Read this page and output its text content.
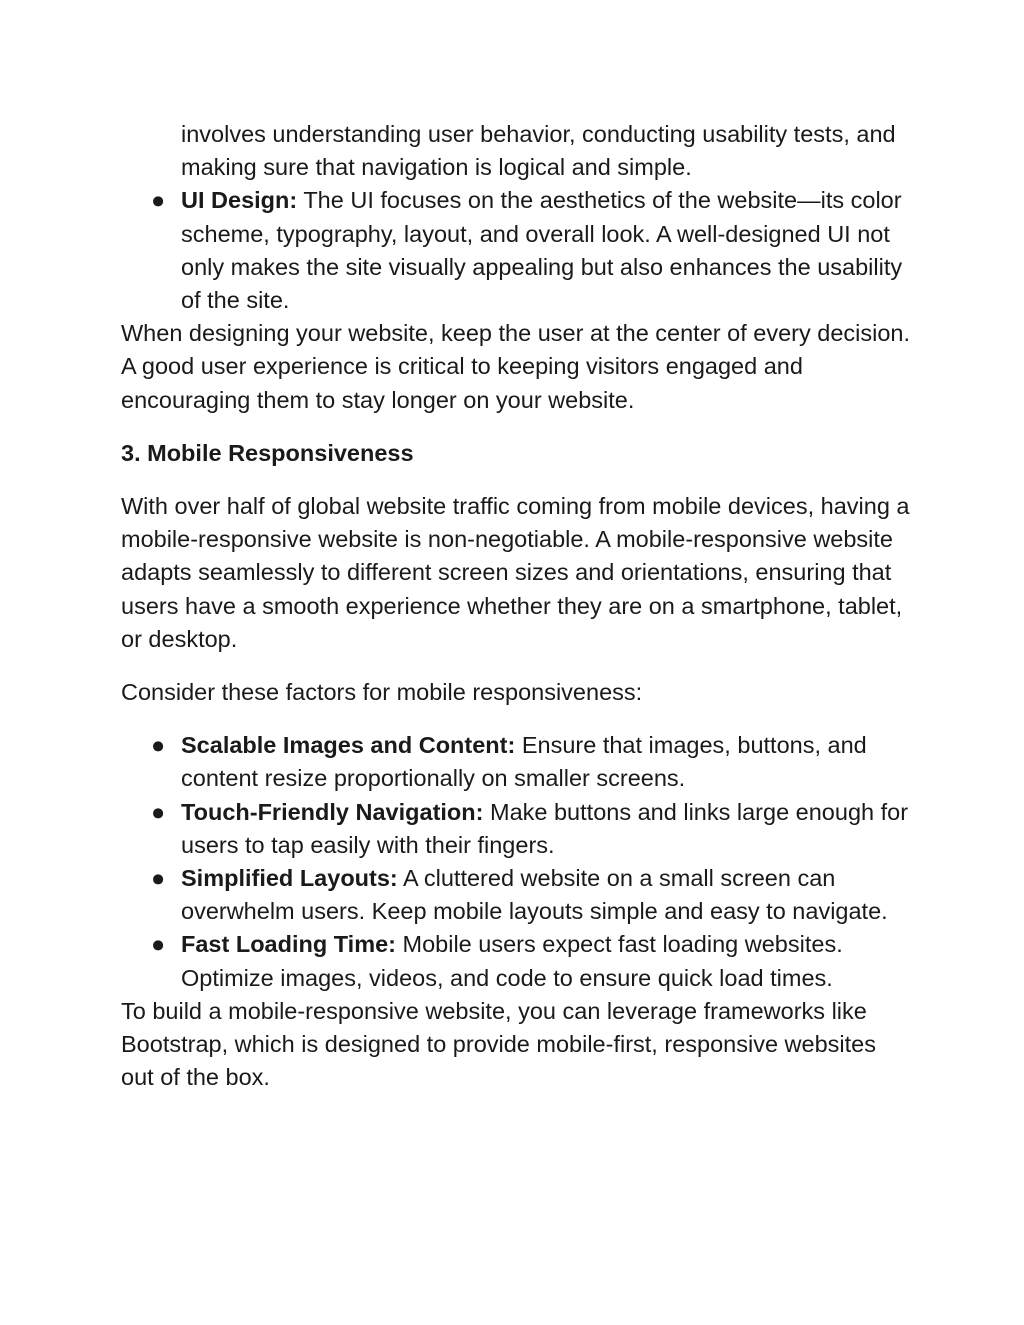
involves understanding user behavior, conducting usability tests, and making sure that navigation is logical and simple.

● UI Design: The UI focuses on the aesthetics of the website—its color scheme, typography, layout, and overall look. A well-designed UI not only makes the site visually appealing but also enhances the usability of the site.

When designing your website, keep the user at the center of every decision. A good user experience is critical to keeping visitors engaged and encouraging them to stay longer on your website.

3. Mobile Responsiveness

With over half of global website traffic coming from mobile devices, having a mobile-responsive website is non-negotiable. A mobile-responsive website adapts seamlessly to different screen sizes and orientations, ensuring that users have a smooth experience whether they are on a smartphone, tablet, or desktop.

Consider these factors for mobile responsiveness:

● Scalable Images and Content: Ensure that images, buttons, and content resize proportionally on smaller screens.
● Touch-Friendly Navigation: Make buttons and links large enough for users to tap easily with their fingers.
● Simplified Layouts: A cluttered website on a small screen can overwhelm users. Keep mobile layouts simple and easy to navigate.
● Fast Loading Time: Mobile users expect fast loading websites. Optimize images, videos, and code to ensure quick load times.

To build a mobile-responsive website, you can leverage frameworks like Bootstrap, which is designed to provide mobile-first, responsive websites out of the box.
